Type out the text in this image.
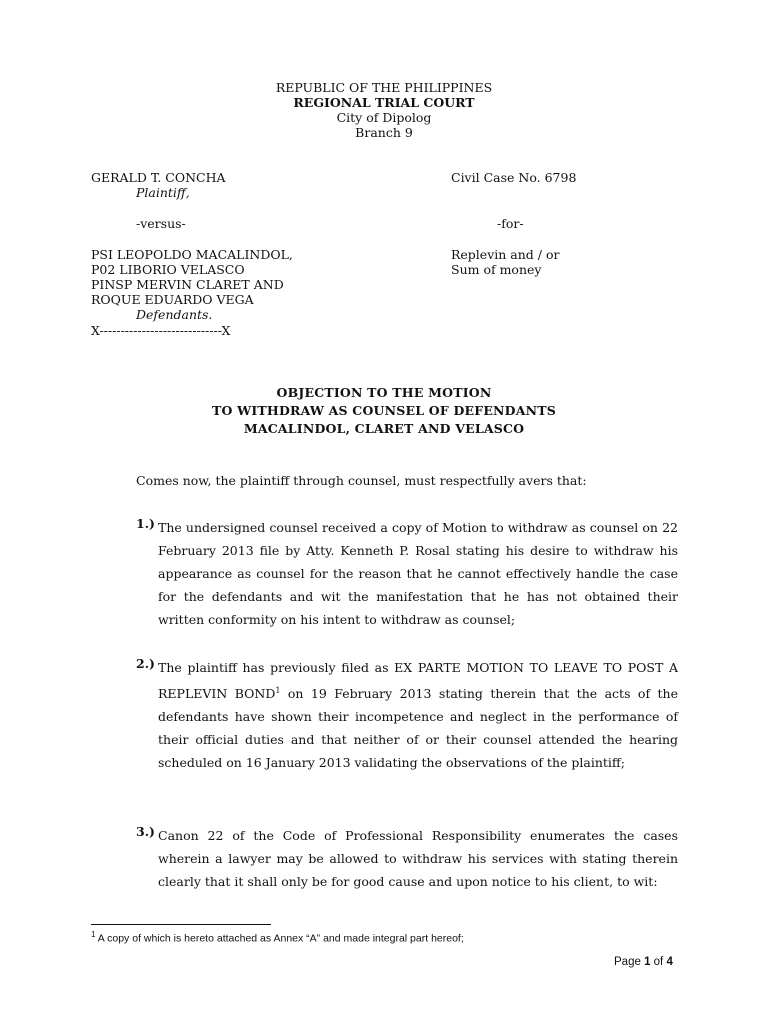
REPUBLIC OF THE PHILIPPINES
REGIONAL TRIAL COURT
City of Dipolog
Branch 9
GERALD T. CONCHA
Plaintiff,
-versus-
PSI LEOPOLDO MACALINDOL,
P02 LIBORIO VELASCO
PINSP MERVIN CLARET AND
ROQUE EDUARDO VEGA
Defendants.
X-----------------------------X
Civil Case No. 6798
-for-
Replevin and / or
Sum of money
OBJECTION TO THE MOTION
TO WITHDRAW AS COUNSEL OF DEFENDANTS
MACALINDOL, CLARET AND VELASCO
Comes now, the plaintiff through counsel, must respectfully avers that:
1.) The undersigned counsel received a copy of Motion to withdraw as counsel on 22 February 2013 file by Atty. Kenneth P. Rosal stating his desire to withdraw his appearance as counsel for the reason that he cannot effectively handle the case for the defendants and wit the manifestation that he has not obtained their written conformity on his intent to withdraw as counsel;
2.) The plaintiff has previously filed as EX PARTE MOTION TO LEAVE TO POST A REPLEVIN BOND$^1$ on 19 February 2013 stating therein that the acts of the defendants have shown their incompetence and neglect in the performance of their official duties and that neither of or their counsel attended the hearing scheduled on 16 January 2013 validating the observations of the plaintiff;
3.) Canon 22 of the Code of Professional Responsibility enumerates the cases wherein a lawyer may be allowed to withdraw his services with stating therein clearly that it shall only be for good cause and upon notice to his client, to wit:
$^1$ A copy of which is hereto attached as Annex “A” and made integral part hereof;
Page 1 of 4
